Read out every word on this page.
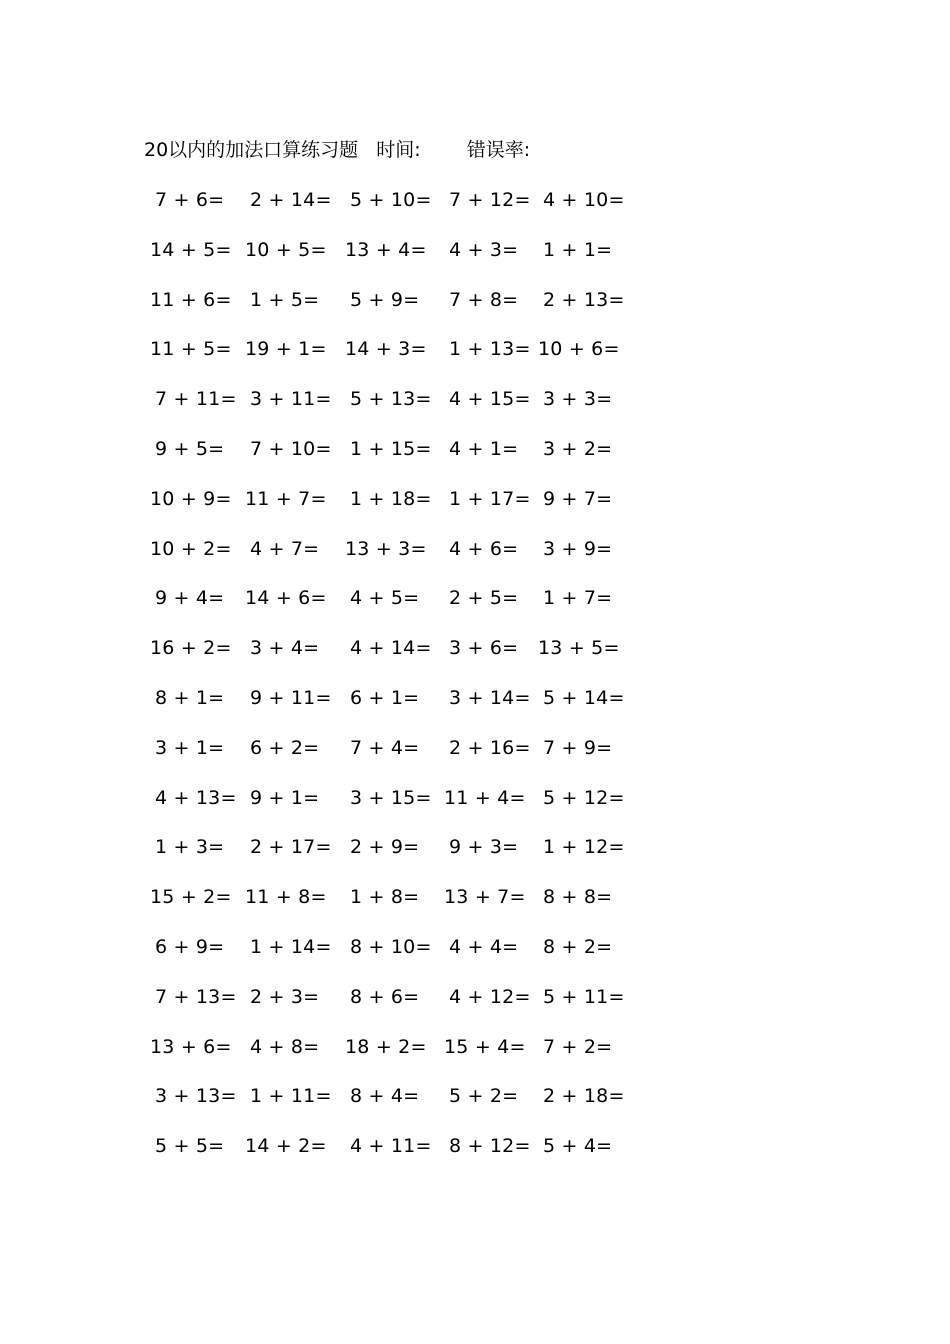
20以内的加法口算练习题 时间: 错误率:
7 + 6=	2 + 14= 5 + 10= 7 + 12= 4 + 10=
14 + 5= 10 + 5= 13 + 4=	4 + 3=	1 + 1=
11 + 6= 1 + 5=	5 + 9=	7 + 8=	2 + 13=
11 + 5= 19 + 1= 14 + 3=	1 + 13= 10 + 6=
7 + 11= 3 + 11= 5 + 13= 4 + 15= 3 + 3=
9 + 5=	7 + 10= 1 + 15= 4 + 1=	3 + 2=
10 + 9= 11 + 7=	1 + 18= 1 + 17= 9 + 7=
10 + 2= 4 + 7=	13 + 3=	4 + 6=	3 + 9=
9 + 4=	14 + 6=	4 + 5=	2 + 5=	1 + 7=
16 + 2= 3 + 4=	4 + 14= 3 + 6=	13 + 5=
8 + 1=	9 + 11= 6 + 1=	3 + 14= 5 + 14=
3 + 1=	6 + 2=	7 + 4=	2 + 16= 7 + 9=
4 + 13= 9 + 1=	3 + 15= 11 + 4= 5 + 12=
1 + 3=	2 + 17= 2 + 9=	9 + 3=	1 + 12=
15 + 2= 11 + 8=	1 + 8=	13 + 7= 8 + 8=
6 + 9=	1 + 14= 8 + 10= 4 + 4=	8 + 2=
7 + 13= 2 + 3=	8 + 6=	4 + 12= 5 + 11=
13 + 6= 4 + 8=	18 + 2= 15 + 4= 7 + 2=
3 + 13= 1 + 11= 8 + 4=	5 + 2=	2 + 18=
5 + 5=	14 + 2=	4 + 11= 8 + 12= 5 + 4=
